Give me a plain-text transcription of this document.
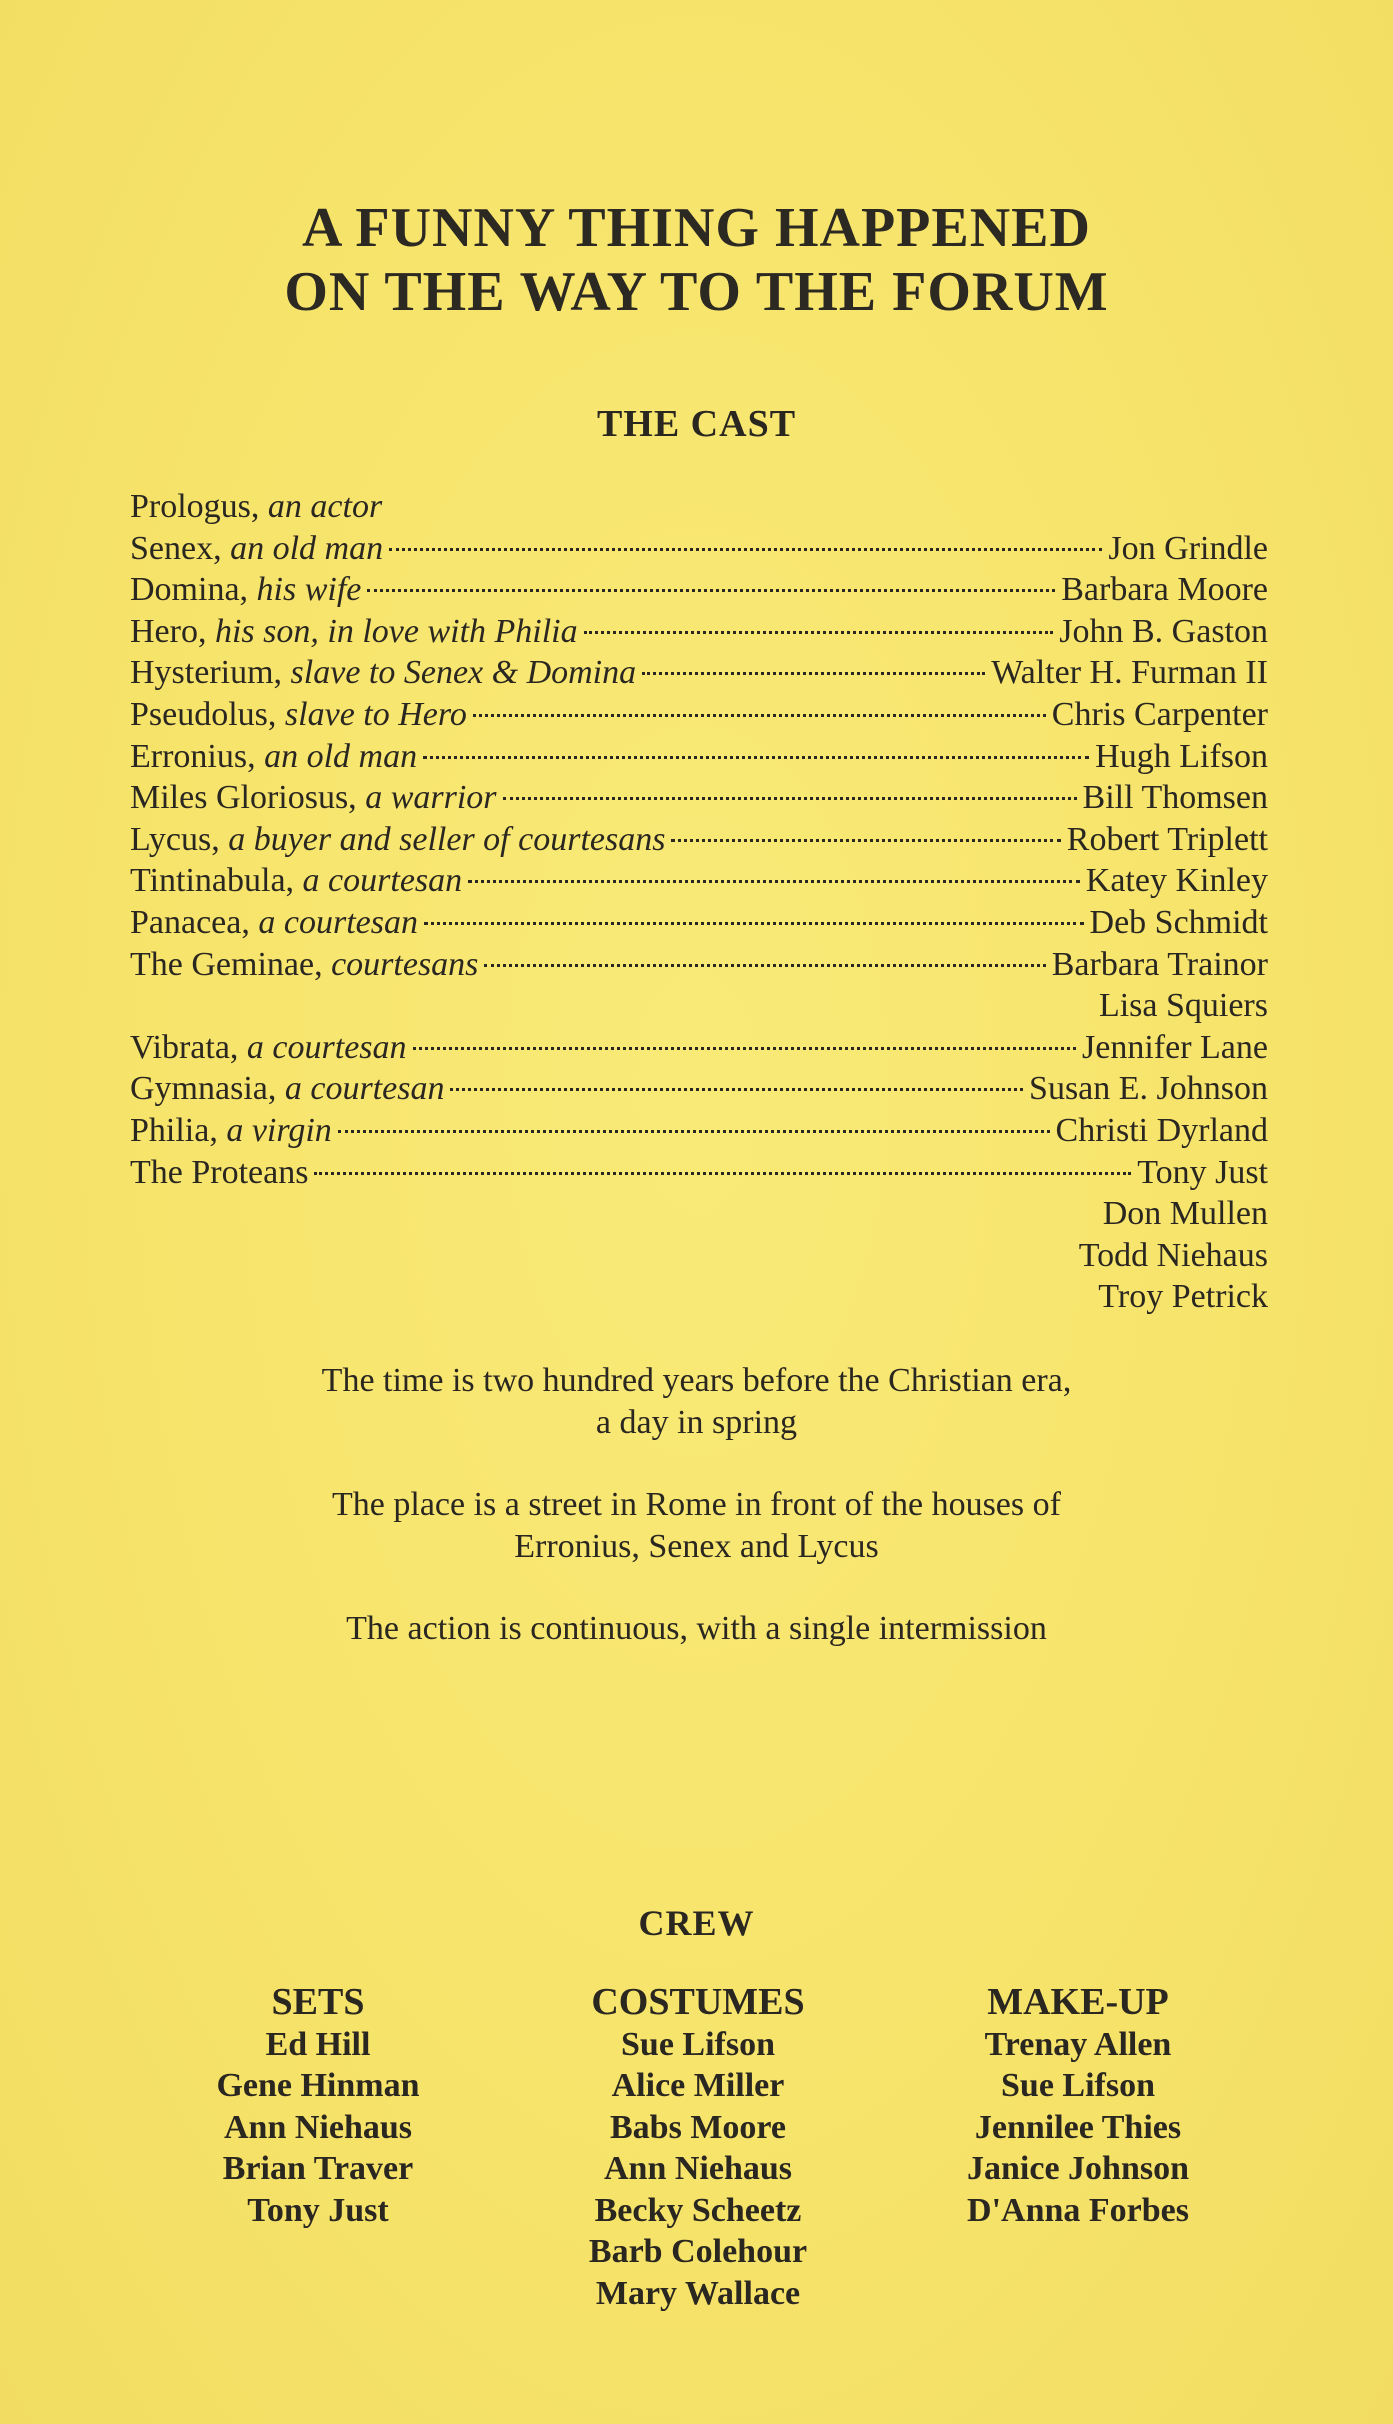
A FUNNY THING HAPPENED
ON THE WAY TO THE FORUM
THE CAST
Prologus, an actor
Senex, an old man	Jon Grindle
Domina, his wife	Barbara Moore
Hero, his son, in love with Philia	John B. Gaston
Hysterium, slave to Senex & Domina	Walter H. Furman II
Pseudolus, slave to Hero	Chris Carpenter
Erronius, an old man	Hugh Lifson
Miles Gloriosus, a warrior	Bill Thomsen
Lycus, a buyer and seller of courtesans	Robert Triplett
Tintinabula, a courtesan	Katey Kinley
Panacea, a courtesan	Deb Schmidt
The Geminae, courtesans	Barbara Trainor
Lisa Squiers
Vibrata, a courtesan	Jennifer Lane
Gymnasia, a courtesan	Susan E. Johnson
Philia, a virgin	Christi Dyrland
The Proteans	Tony Just
Don Mullen
Todd Niehaus
Troy Petrick

The time is two hundred years before the Christian era,
a day in spring

The place is a street in Rome in front of the houses of
Erronius, Senex and Lycus

The action is continuous, with a single intermission

CREW
SETS
Ed Hill
Gene Hinman
Ann Niehaus
Brian Traver
Tony Just
COSTUMES
Sue Lifson
Alice Miller
Babs Moore
Ann Niehaus
Becky Scheetz
Barb Colehour
Mary Wallace
MAKE-UP
Trenay Allen
Sue Lifson
Jennilee Thies
Janice Johnson
D'Anna Forbes
